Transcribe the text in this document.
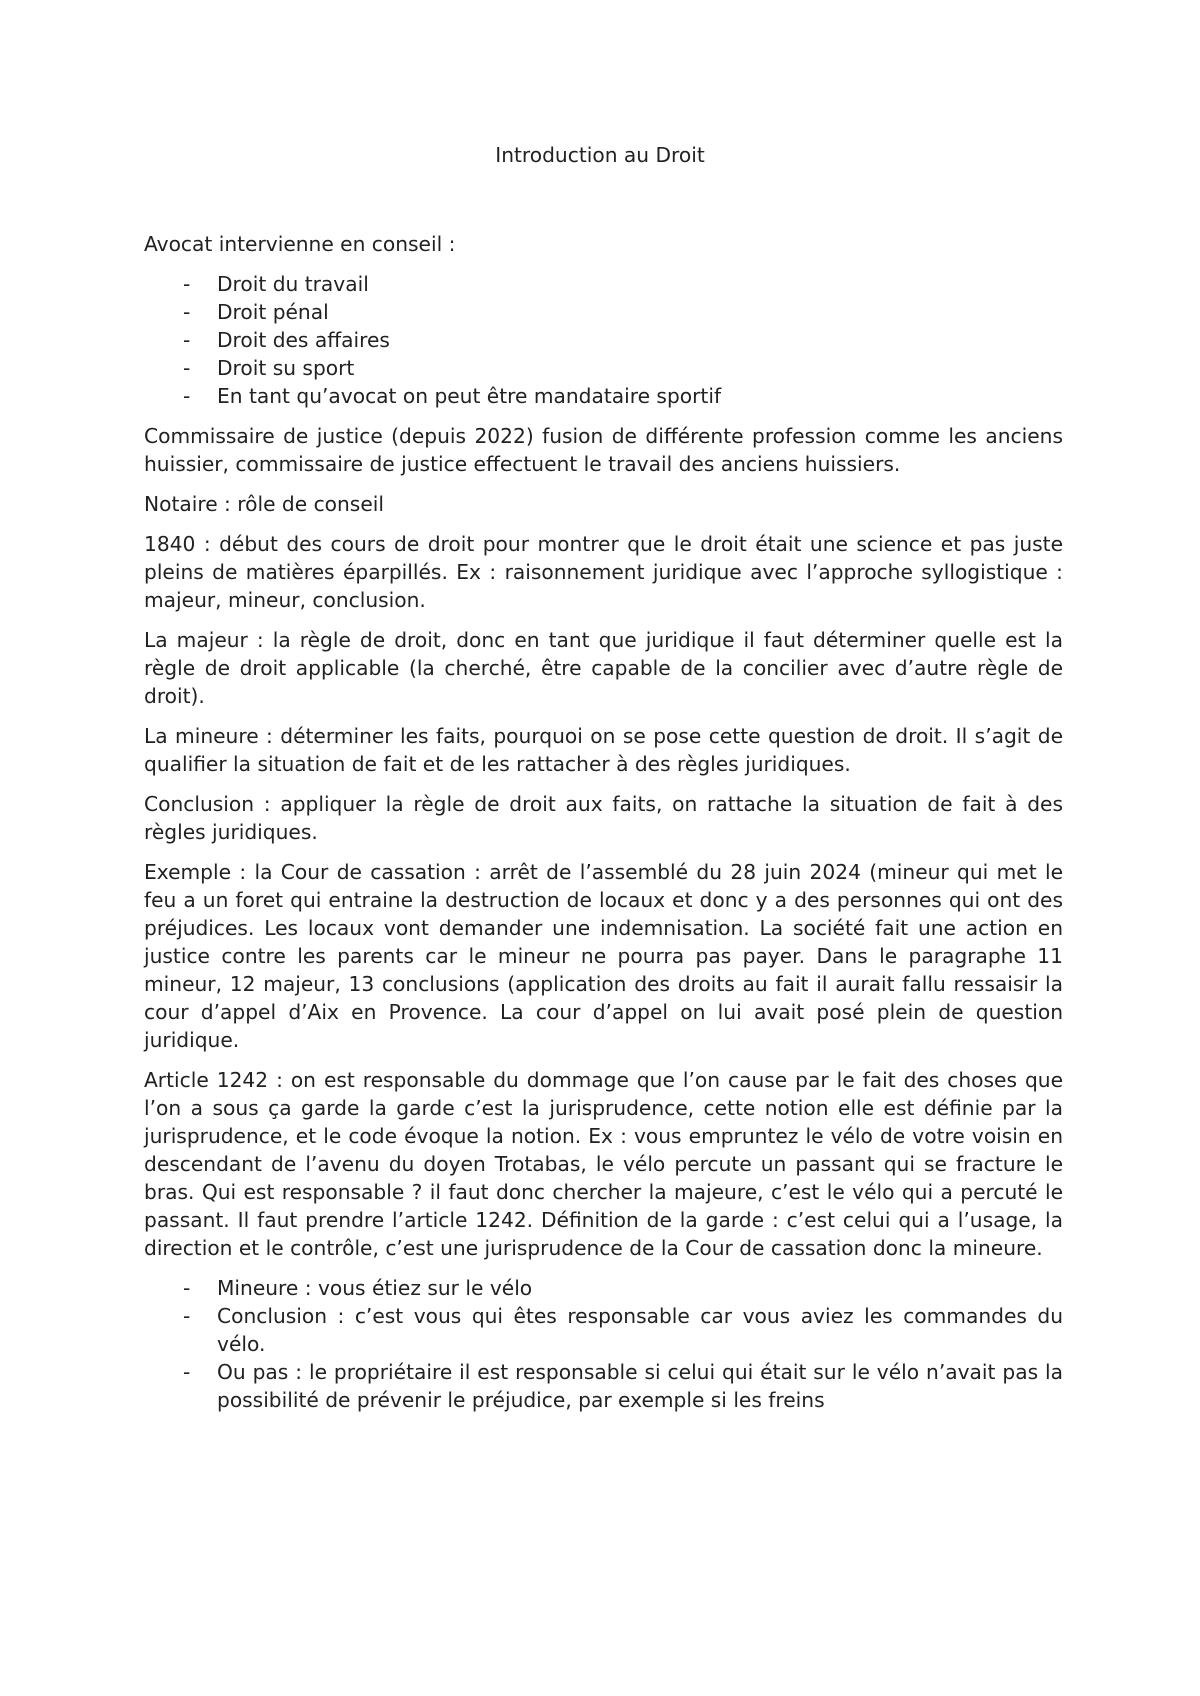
Introduction au Droit

Avocat intervienne en conseil :

- Droit du travail
- Droit pénal
- Droit des affaires
- Droit su sport
- En tant qu’avocat on peut être mandataire sportif

Commissaire de justice (depuis 2022) fusion de différente profession comme les anciens huissier, commissaire de justice effectuent le travail des anciens huissiers.

Notaire : rôle de conseil

1840 : début des cours de droit pour montrer que le droit était une science et pas juste pleins de matières éparpillés. Ex : raisonnement juridique avec l’approche syllogistique : majeur, mineur, conclusion.

La majeur : la règle de droit, donc en tant que juridique il faut déterminer quelle est la règle de droit applicable (la cherché, être capable de la concilier avec d’autre règle de droit).

La mineure : déterminer les faits, pourquoi on se pose cette question de droit. Il s’agit de qualifier la situation de fait et de les rattacher à des règles juridiques.

Conclusion : appliquer la règle de droit aux faits, on rattache la situation de fait à des règles juridiques.

Exemple : la Cour de cassation : arrêt de l’assemblé du 28 juin 2024 (mineur qui met le feu a un foret qui entraine la destruction de locaux et donc y a des personnes qui ont des préjudices. Les locaux vont demander une indemnisation. La société fait une action en justice contre les parents car le mineur ne pourra pas payer. Dans le paragraphe 11 mineur, 12 majeur, 13 conclusions (application des droits au fait il aurait fallu ressaisir la cour d’appel d’Aix en Provence. La cour d’appel on lui avait posé plein de question juridique.

Article 1242 : on est responsable du dommage que l’on cause par le fait des choses que l’on a sous ça garde la garde c’est la jurisprudence, cette notion elle est définie par la jurisprudence, et le code évoque la notion. Ex : vous empruntez le vélo de votre voisin en descendant de l’avenu du doyen Trotabas, le vélo percute un passant qui se fracture le bras. Qui est responsable ? il faut donc chercher la majeure, c’est le vélo qui a percuté le passant. Il faut prendre l’article 1242. Définition de la garde : c’est celui qui a l’usage, la direction et le contrôle, c’est une jurisprudence de la Cour de cassation donc la mineure.

- Mineure : vous étiez sur le vélo
- Conclusion : c’est vous qui êtes responsable car vous aviez les commandes du vélo.
- Ou pas : le propriétaire il est responsable si celui qui était sur le vélo n’avait pas la possibilité de prévenir le préjudice, par exemple si les freins
